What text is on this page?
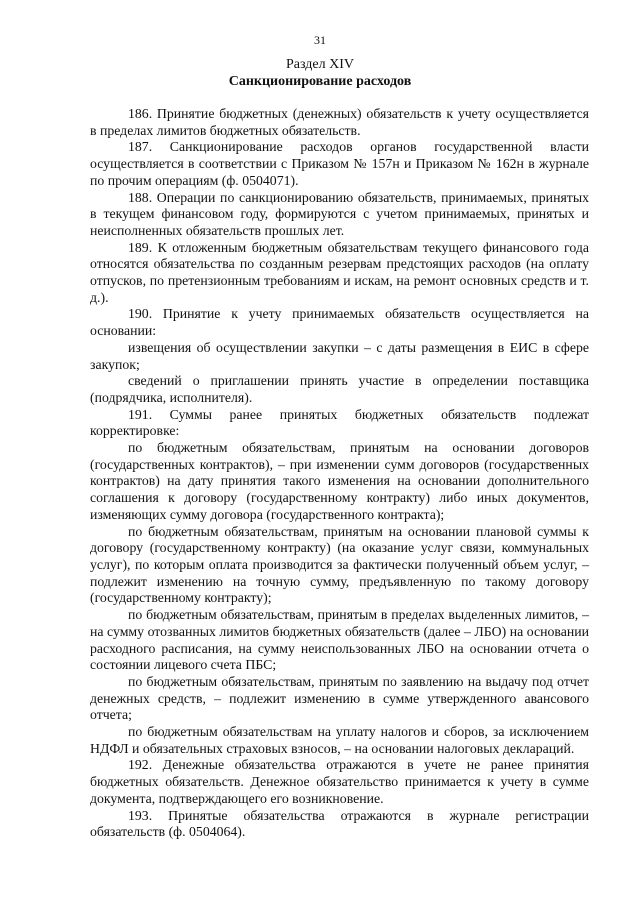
31
Раздел XIV
Санкционирование расходов

186. Принятие бюджетных (денежных) обязательств к учету осуществляется в пределах лимитов бюджетных обязательств.

187. Санкционирование расходов органов государственной власти осуществляется в соответствии с Приказом № 157н и Приказом № 162н в журнале по прочим операциям (ф. 0504071).

188. Операции по санкционированию обязательств, принимаемых, принятых в текущем финансовом году, формируются с учетом принимаемых, принятых и неисполненных обязательств прошлых лет.

189. К отложенным бюджетным обязательствам текущего финансового года относятся обязательства по созданным резервам предстоящих расходов (на оплату отпусков, по претензионным требованиям и искам, на ремонт основных средств и т. д.).

190. Принятие к учету принимаемых обязательств осуществляется на основании:

извещения об осуществлении закупки – с даты размещения в ЕИС в сфере закупок;

сведений о приглашении принять участие в определении поставщика (подрядчика, исполнителя).

191. Суммы ранее принятых бюджетных обязательств подлежат корректировке:

по бюджетным обязательствам, принятым на основании договоров (государственных контрактов), – при изменении сумм договоров (государственных контрактов) на дату принятия такого изменения на основании дополнительного соглашения к договору (государственному контракту) либо иных документов, изменяющих сумму договора (государственного контракта);

по бюджетным обязательствам, принятым на основании плановой суммы к договору (государственному контракту) (на оказание услуг связи, коммунальных услуг), по которым оплата производится за фактически полученный объем услуг, – подлежит изменению на точную сумму, предъявленную по такому договору (государственному контракту);

по бюджетным обязательствам, принятым в пределах выделенных лимитов, – на сумму отозванных лимитов бюджетных обязательств (далее – ЛБО) на основании расходного расписания, на сумму неиспользованных ЛБО на основании отчета о состоянии лицевого счета ПБС;

по бюджетным обязательствам, принятым по заявлению на выдачу под отчет денежных средств, – подлежит изменению в сумме утвержденного авансового отчета;

по бюджетным обязательствам на уплату налогов и сборов, за исключением НДФЛ и обязательных страховых взносов, – на основании налоговых деклараций.

192. Денежные обязательства отражаются в учете не ранее принятия бюджетных обязательств. Денежное обязательство принимается к учету в сумме документа, подтверждающего его возникновение.

193. Принятые обязательства отражаются в журнале регистрации обязательств (ф. 0504064).
